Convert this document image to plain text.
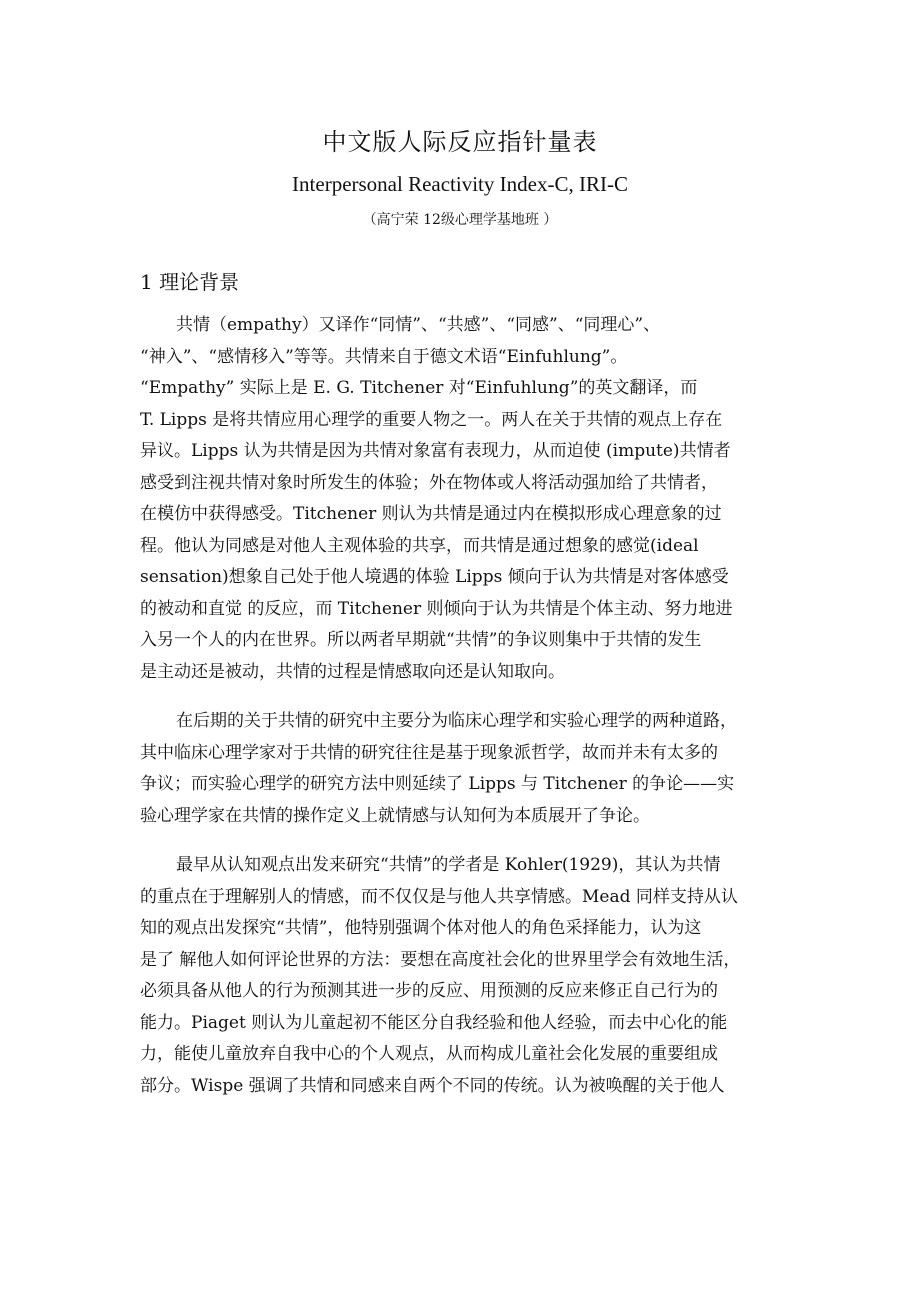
中文版人际反应指针量表
Interpersonal Reactivity Index-C, IRI-C
（高宁荣 12级心理学基地班 ）
1 理论背景
共情（empathy）又译作“同情”、“共感”、“同感”、“同理心”、
“神入”、“感情移入”等等。共情来自于德文术语“Einfuhlung”。
“Empathy” 实际上是 E. G. Titchener 对“Einfuhlung”的英文翻译，而
T. Lipps 是将共情应用心理学的重要人物之一。两人在关于共情的观点上存在
异议。Lipps 认为共情是因为共情对象富有表现力，从而迫使 (impute)共情者
感受到注视共情对象时所发生的体验；外在物体或人将活动强加给了共情者，
在模仿中获得感受。Titchener 则认为共情是通过内在模拟形成心理意象的过
程。他认为同感是对他人主观体验的共享，而共情是通过想象的感觉(ideal
sensation)想象自己处于他人境遇的体验 Lipps 倾向于认为共情是对客体感受
的被动和直觉 的反应，而 Titchener 则倾向于认为共情是个体主动、努力地进
入另一个人的内在世界。所以两者早期就“共情”的争议则集中于共情的发生
是主动还是被动，共情的过程是情感取向还是认知取向。
在后期的关于共情的研究中主要分为临床心理学和实验心理学的两种道路，
其中临床心理学家对于共情的研究往往是基于现象派哲学，故而并未有太多的
争议；而实验心理学的研究方法中则延续了 Lipps 与 Titchener 的争论——实
验心理学家在共情的操作定义上就情感与认知何为本质展开了争论。
最早从认知观点出发来研究“共情”的学者是 Kohler(1929)，其认为共情
的重点在于理解别人的情感，而不仅仅是与他人共享情感。Mead 同样支持从认
知的观点出发探究“共情”，他特别强调个体对他人的角色采择能力，认为这
是了 解他人如何评论世界的方法：要想在高度社会化的世界里学会有效地生活，
必须具备从他人的行为预测其进一步的反应、用预测的反应来修正自己行为的
能力。Piaget 则认为儿童起初不能区分自我经验和他人经验，而去中心化的能
力，能使儿童放弃自我中心的个人观点，从而构成儿童社会化发展的重要组成
部分。Wispe 强调了共情和同感来自两个不同的传统。认为被唤醒的关于他人
